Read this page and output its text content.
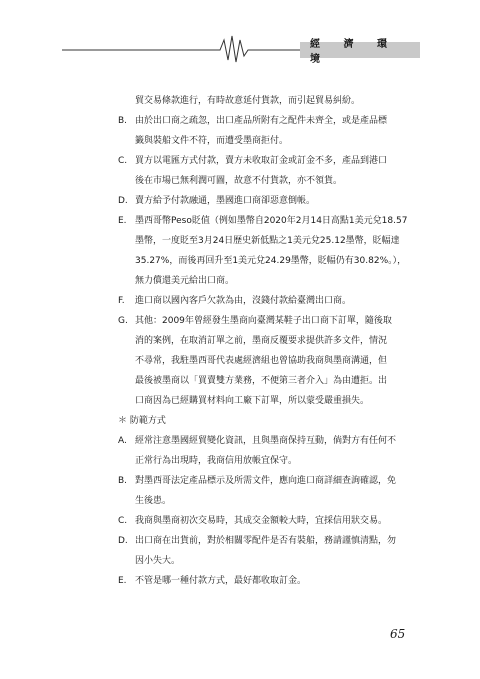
經 濟 環 境
貿交易條款進行，有時故意延付貨款，而引起貿易糾紛。
B. 由於出口商之疏忽，出口產品所附有之配件未齊全，或是產品標
籤與裝船文件不符，而遭受墨商拒付。
C. 買方以電匯方式付款，賣方未收取訂金或訂金不多，產品到港口
後在市場已無利潤可圖，故意不付貨款，亦不領貨。
D. 賣方給予付款融通，墨國進口商卻惡意倒帳。
E. 墨西哥幣Peso貶值（例如墨幣自2020年2月14日高點1美元兌18.57
墨幣，一度貶至3月24日歷史新低點之1美元兌25.12墨幣，貶幅達
35.27%，而後再回升至1美元兌24.29墨幣，貶幅仍有30.82%。），
無力償還美元給出口商。
F.	進口商以國內客戶欠款為由，沒錢付款給臺灣出口商。
G. 其他：2009年曾經發生墨商向臺灣某鞋子出口商下訂單，隨後取
消的案例，在取消訂單之前，墨商反覆要求提供許多文件，情況
不尋常，我駐墨西哥代表處經濟組也曾協助我商與墨商溝通，但
最後被墨商以「買賣雙方業務，不便第三者介入」為由遭拒。出
口商因為已經購買材料向工廠下訂單，所以蒙受嚴重損失。
＊ 防範方式
A. 經常注意墨國經貿變化資訊，且與墨商保持互動，倘對方有任何不
正常行為出現時，我商信用放帳宜保守。
B. 對墨西哥法定產品標示及所需文件，應向進口商詳細查詢確認，免
生後患。
C. 我商與墨商初次交易時，其成交金額較大時，宜採信用狀交易。
D. 出口商在出貨前，對於相關零配件是否有裝船，務請謹慎清點，勿
因小失大。
E. 不管是哪一種付款方式，最好都收取訂金。
65
